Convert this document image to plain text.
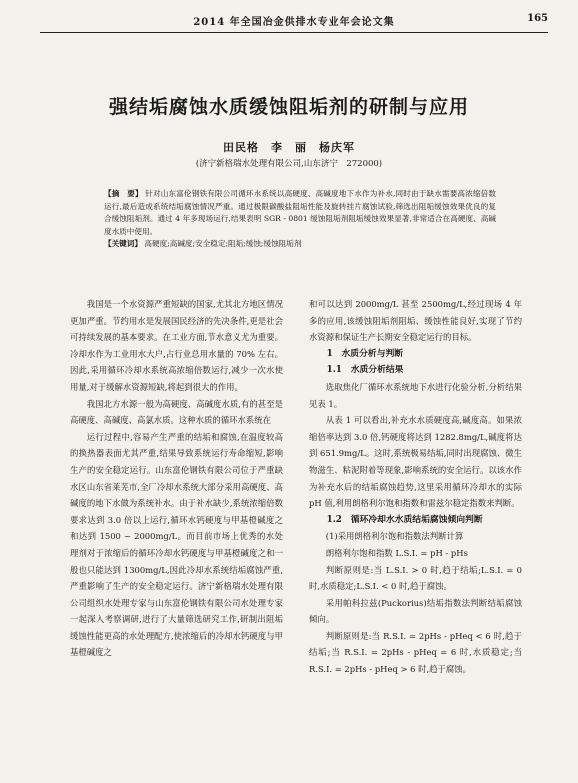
2014 年全国冶金供排水专业年会论文集	165
强结垢腐蚀水质缓蚀阻垢剂的研制与应用
田民格　李　丽　杨庆军
(济宁新格瑞水处理有限公司,山东济宁　272000)
【摘　要】 针对山东富伦钢铁有限公司循环水系统以高硬度、高碱度地下水作为补水,同时由于缺水需要高浓缩倍数运行,最后造成系统结垢腐蚀情况严重。通过极限碳酸盐阻垢性能及旋转挂片腐蚀试验,筛选出阻垢缓蚀效果优良的复合缓蚀阻垢剂。通过 4 年多现场运行,结果表明 SGR - 0801 缓蚀阻垢剂阻垢缓蚀效果显著,非常适合在高硬度、高碱度水质中使用。
【关键词】 高硬度;高碱度;安全稳定;阻垢;缓蚀;缓蚀阻垢剂

我国是一个水资源严重短缺的国家,尤其北方地区情况更加严重。节约用水是发展国民经济的先决条件,更是社会可持续发展的基本要求。在工业方面,节水意义尤为重要。冷却水作为工业用水大户,占行业总用水量的 70% 左右。因此,采用循环冷却水系统高浓缩倍数运行,减少一次水使用量,对于缓解水资源短缺,将起到很大的作用。

我国北方水源一般为高硬度、高碱度水质,有的甚至是高硬度、高碱度、高氯水质。这种水质的循环水系统在

运行过程中,容易产生严重的结垢和腐蚀,在温度较高的换热器表面尤其严重,结果导致系统运行寿命缩短,影响生产的安全稳定运行。山东富伦钢铁有限公司位于严重缺水区山东省莱芜市,全厂冷却水系统大部分采用高硬度、高碱度的地下水做为系统补水。由于补水缺少,系统浓缩倍数要求达到 3.0 倍以上运行,循环水钙硬度与甲基橙碱度之和达到 1500 ~ 2000mg/L。而目前市场上优秀的水处理剂对于浓缩后的循环冷却水钙硬度与甲基橙碱度之和一般也只能达到 1300mg/L,因此冷却水系统结垢腐蚀严重,严重影响了生产的安全稳定运行。济宁新格瑞水处理有限公司组织水处理专家与山东富伦钢铁有限公司水处理专家一起深入考察调研,进行了大量筛选研究工作,研制出阻垢缓蚀性能更高的水处理配方,使浓缩后的冷却水钙硬度与甲基橙碱度之

和可以达到 2000mg/L 甚至 2500mg/L,经过现场 4 年多的应用,该缓蚀阻垢剂阻垢、缓蚀性能良好,实现了节约水资源和保证生产长期安全稳定运行的目标。

1　水质分析与判断

1.1　水质分析结果

选取焦化厂循环水系统地下水进行化验分析,分析结果见表 1。

从表 1 可以看出,补充水水质硬度高,碱度高。如果浓缩倍率达到 3.0 倍,钙硬度将达到 1282.8mg/L,碱度将达到 651.9mg/L。这时,系统极易结垢,同时出现腐蚀、微生物滋生、粘泥附着等现象,影响系统的安全运行。以该水作为补充水后的结垢腐蚀趋势,这里采用循环冷却水的实际 pH 值,利用朗格利尔饱和指数和雷兹尔稳定指数来判断。

1.2　循环冷却水水质结垢腐蚀倾向判断

(1)采用朗格利尔饱和指数法判断计算

朗格利尔饱和指数 L.S.I. = pH - pHs

判断原则是:当 L.S.I. > 0 时,趋于结垢;L.S.I. = 0 时,水质稳定;L.S.I. < 0 时,趋于腐蚀。

采用帕科拉兹(Puckorius)结垢指数法判断结垢腐蚀倾向。

判断原则是:当 R.S.I. = 2pHs - pHeq < 6 时,趋于结垢;当 R.S.I. = 2pHs - pHeq = 6 时,水质稳定;当 R.S.I. = 2pHs - pHeq > 6 时,趋于腐蚀。
